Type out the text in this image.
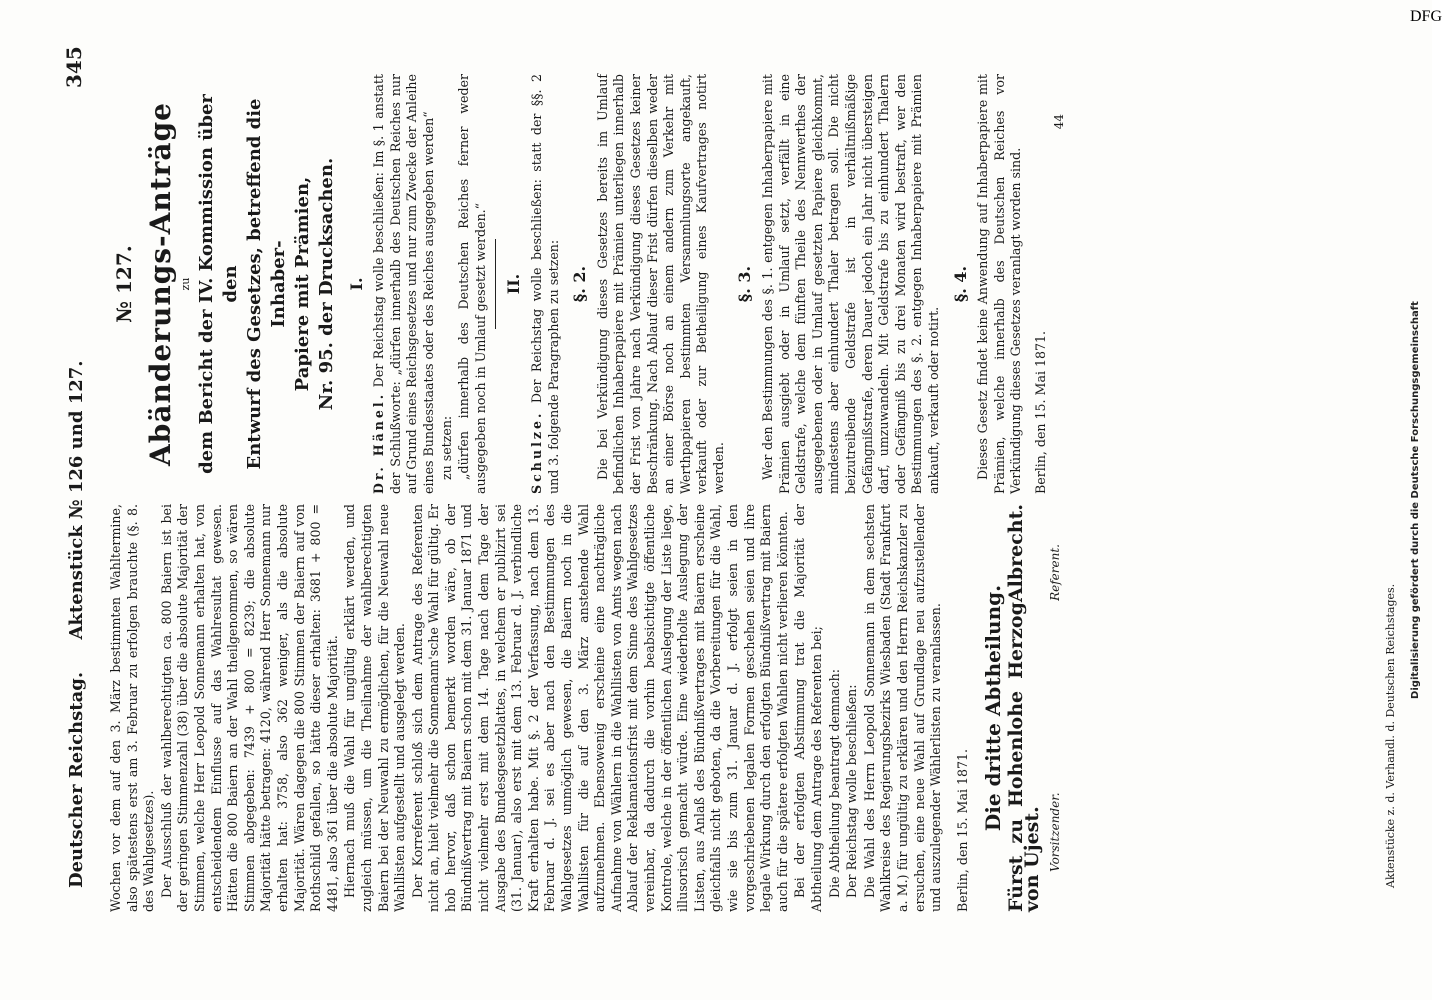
Deutscher Reichstag.
Aktenstück № 126 und 127.
345

Wochen vor dem auf den 3. März bestimmten Wahltermine, also spätestens erst am 3. Februar zu erfolgen brauchte (§. 8. des Wahlgesetzes). Der Ausschluß der wahlberechtigten ca. 800 Baiern ist bei der geringen Stimmenzahl (38) über die absolute Majorität der Stimmen, welche Herr Leopold Sonnemann erhalten hat, von entscheidendem Einflusse auf das Wahlresultat gewesen. Hätten die 800 Baiern an der Wahl theilgenommen, so wären Stimmen abgegeben: 7439 + 800 = 8239; die absolute Majorität hätte betragen: 4120, während Herr Sonnemann nur erhalten hat: 3758, also 362 weniger, als die absolute Majorität. Wären dagegen die 800 Stimmen der Baiern auf von Rothschild gefallen, so hätte dieser erhalten: 3681 + 800 = 4481, also 361 über die absolute Majorität. Hiernach muß die Wahl für ungültig erklärt werden, und zugleich müssen, um die Theilnahme der wahlberechtigten Baiern bei der Neuwahl zu ermöglichen, für die Neuwahl neue Wahllisten aufgestellt und ausgelegt werden. Der Korreferent schloß sich dem Antrage des Referenten nicht an, hielt vielmehr die Sonnemann'sche Wahl für gültig. Er hob hervor, daß schon bemerkt worden wäre, ob der Bündnißvertrag mit Baiern schon mit dem 31. Januar 1871 und nicht vielmehr erst mit dem 14. Tage nach dem Tage der Ausgabe des Bundesgesetzblattes, in welchem er publizirt sei (31. Januar), also erst mit dem 13. Februar d. J. verbindliche Kraft erhalten habe. Mit §. 2 der Verfassung, nach dem 13. Februar d. J. sei es aber nach den Bestimmungen des Wahlgesetzes unmöglich gewesen, die Baiern noch in die Wahllisten für die auf den 3. März anstehende Wahl aufzunehmen. Ebensowenig erscheine eine nachträgliche Aufnahme von Wählern in die Wahllisten von Amts wegen nach Ablauf der Reklamationsfrist mit dem Sinne des Wahlgesetzes vereinbar, da dadurch die vorhin beabsichtigte öffentliche Kontrole, welche in der öffentlichen Auslegung der Liste liege, illusorisch gemacht würde. Eine wiederholte Auslegung der Listen, aus Anlaß des Bündnißvertrages mit Baiern erscheine gleichfalls nicht geboten, da die Vorbereitungen für die Wahl, wie sie bis zum 31. Januar d. J. erfolgt seien in den vorgeschriebenen legalen Formen geschehen seien und ihre legale Wirkung durch den erfolgten Bündnißvertrag mit Baiern auch für die spätere erfolgten Wahlen nicht verlieren könnten. Bei der erfolgten Abstimmung trat die Majorität der Abtheilung dem Antrage des Referenten bei; Die Abtheilung beantragt demnach: Der Reichstag wolle beschließen: Die Wahl des Herrn Leopold Sonnemann in dem sechsten Wahlkreise des Regierungsbezirks Wiesbaden (Stadt Frankfurt a. M.) für ungültig zu erklären und den Herrn Reichskanzler zu ersuchen, eine neue Wahl auf Grundlage neu aufzustellender und auszulegender Wählerlisten zu veranlassen. Berlin, den 15. Mai 1871. Die dritte Abtheilung. Fürst zu Hohenlohe Herzog von Ujest.
Albrecht.
Vorsitzender.
Referent.
№ 127. Abänderungs-Anträge zu dem Bericht der IV. Kommission über den Entwurf des Gesetzes, betreffend die Inhaber- Papiere mit Prämien, Nr. 95. der Drucksachen. I.

Dr. Hänel. Der Reichstag wolle beschließen: Im §. 1 anstatt der Schlußworte: „dürfen innerhalb des Deutschen Reiches nur auf Grund eines Reichsgesetzes und nur zum Zwecke der Anleihe eines Bundesstaates oder des Reiches ausgegeben werden“ zu setzen: „dürfen innerhalb des Deutschen Reiches ferner weder ausgegeben noch in Umlauf gesetzt werden.“ II.

Schulze. Der Reichstag wolle beschließen: statt der §§. 2 und 3. folgende Paragraphen zu setzen: §. 2. Die bei Verkündigung dieses Gesetzes bereits im Umlauf befindlichen Inhaberpapiere mit Prämien unterliegen innerhalb der Frist von Jahre nach Verkündigung dieses Gesetzes keiner Beschränkung. Nach Ablauf dieser Frist dürfen dieselben weder an einer Börse noch an einem andern zum Verkehr mit Werthpapieren bestimmten Versammlungsorte angekauft, verkauft oder zur Betheiligung eines Kaufvertrages notirt werden.

§. 3. Wer den Bestimmungen des §. 1. entgegen Inhaberpapiere mit Prämien ausgiebt oder in Umlauf setzt, verfällt in eine Geldstrafe, welche dem fünften Theile des Nennwerthes der ausgegebenen oder in Umlauf gesetzten Papiere gleichkommt, mindestens aber einhundert Thaler betragen soll. Die nicht beizutreibende Geldstrafe ist in verhältnißmäßige Gefängnißstrafe, deren Dauer jedoch ein Jahr nicht übersteigen darf, umzuwandeln. Mit Geldstrafe bis zu einhundert Thalern oder Gefängniß bis zu drei Monaten wird bestraft, wer den Bestimmungen des §. 2. entgegen Inhaberpapiere mit Prämien ankauft, verkauft oder notirt.

§. 4. Dieses Gesetz findet keine Anwendung auf Inhaberpapiere mit Prämien, welche innerhalb des Deutschen Reiches vor Verkündigung dieses Gesetzes veranlagt worden sind. Berlin, den 15. Mai 1871.

44
Aktenstücke z. d. Verhandl. d. Deutschen Reichstages.
Digitalisierung gefördert durch die Deutsche Forschungsgemeinschaft
DFG
